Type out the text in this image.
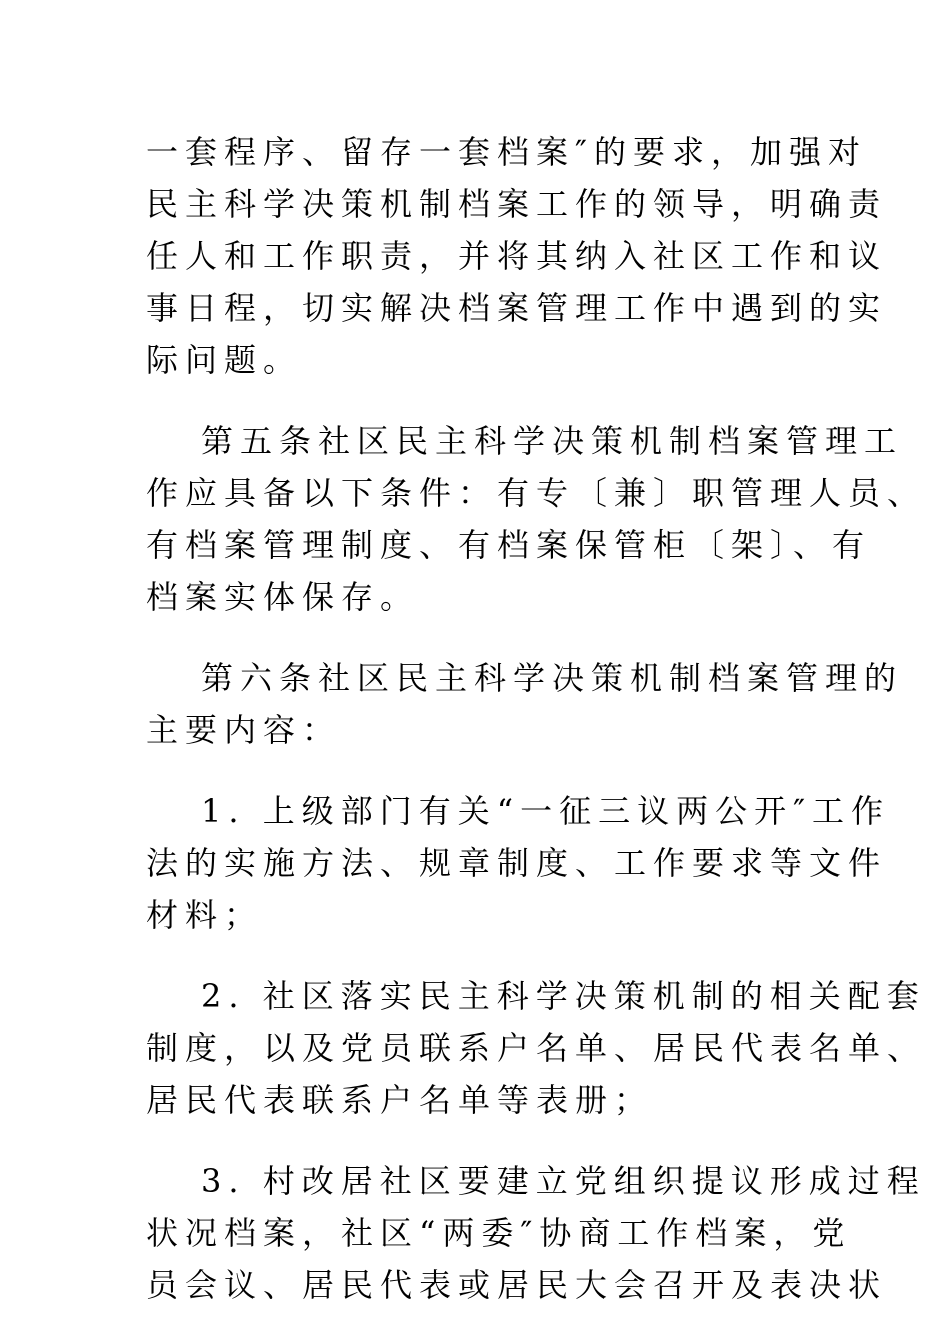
一套程序、留存一套档案″的要求，加强对
民主科学决策机制档案工作的领导，明确责
任人和工作职责，并将其纳入社区工作和议
事日程，切实解决档案管理工作中遇到的实
际问题。
第五条社区民主科学决策机制档案管理工
作应具备以下条件：有专〔兼〕职管理人员、
有档案管理制度、有档案保管柜〔架〕、有
档案实体保存。
第六条社区民主科学决策机制档案管理的
主要内容：
1. 上级部门有关“一征三议两公开″工作
法的实施方法、规章制度、工作要求等文件
材料；
2. 社区落实民主科学决策机制的相关配套
制度，以及党员联系户名单、居民代表名单、
居民代表联系户名单等表册；
3. 村改居社区要建立党组织提议形成过程
状况档案，社区“两委″协商工作档案，党
员会议、居民代表或居民大会召开及表决状
